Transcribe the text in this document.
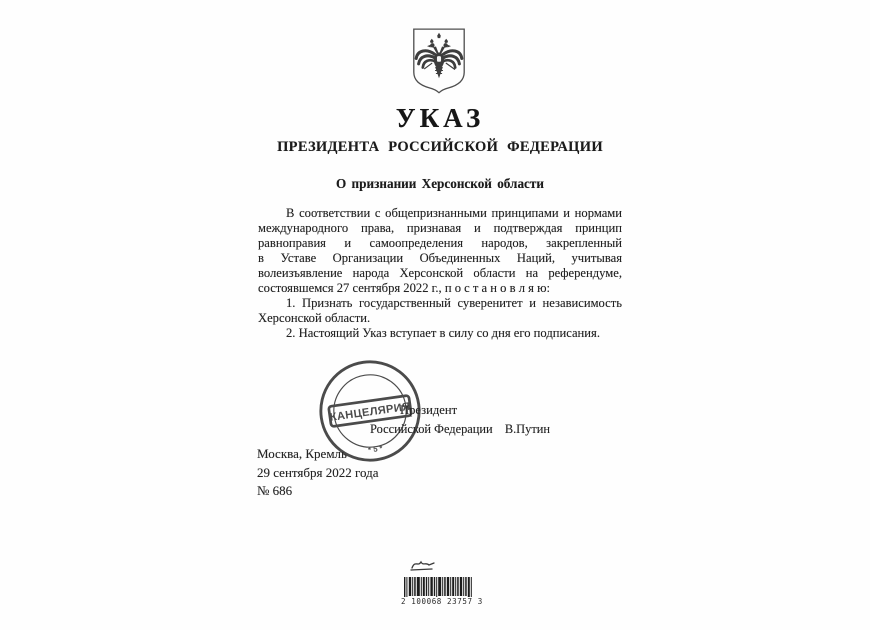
УКАЗ
ПРЕЗИДЕНТА РОССИЙСКОЙ ФЕДЕРАЦИИ
О признании Херсонской области
В соответствии с общепризнанными принципами и нормами
международного права, признавая и подтверждая принцип
равноправия и самоопределения народов, закрепленный
в Уставе Организации Объединенных Наций, учитывая
волеизъявление народа Херсонской области на референдуме,
состоявшемся 27 сентября 2022 г., п о с т а н о в л я ю:
1. Признать государственный суверенитет и независимость
Херсонской области.
2. Настоящий Указ вступает в силу со дня его подписания.
Президент
Российской Федерации В.Путин
Москва, Кремль
29 сентября 2022 года
№ 686
* 5 *
КАНЦЕЛЯРИЯ
2 100068 23757 3
